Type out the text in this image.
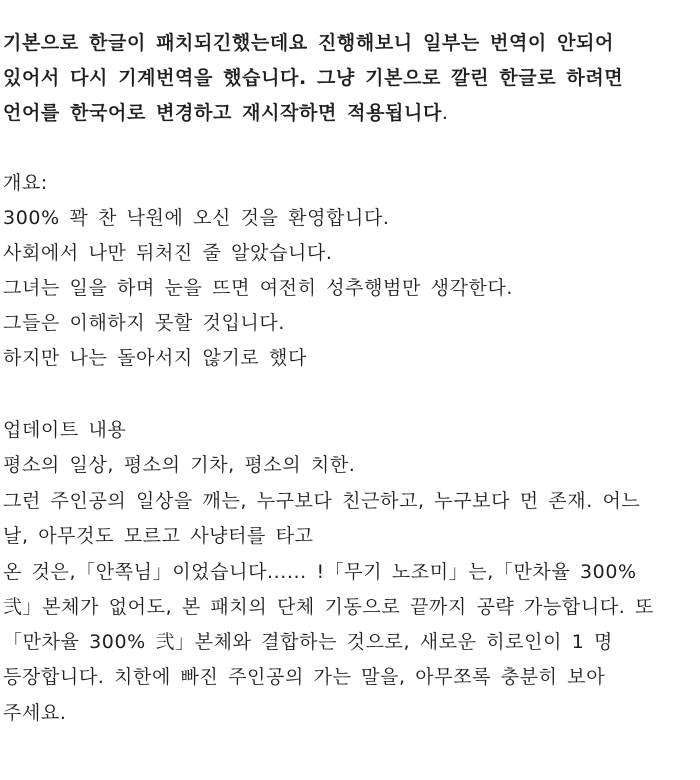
기본으로 한글이 패치되긴했는데요 진행해보니 일부는 번역이 안되어
있어서 다시 기계번역을 했습니다. 그냥 기본으로 깔린 한글로 하려면
언어를 한국어로 변경하고 재시작하면 적용됩니다.
개요:
300% 꽉 찬 낙원에 오신 것을 환영합니다.
사회에서 나만 뒤처진 줄 알았습니다.
그녀는 일을 하며 눈을 뜨면 여전히 성추행범만 생각한다.
그들은 이해하지 못할 것입니다.
하지만 나는 돌아서지 않기로 했다
업데이트 내용
평소의 일상, 평소의 기차, 평소의 치한.
그런 주인공의 일상을 깨는, 누구보다 친근하고, 누구보다 먼 존재. 어느
날, 아무것도 모르고 사냥터를 타고
온 것은,「안쪽님」이었습니다...... !「무기 노조미」는,「만차율 300%
弐」본체가 없어도, 본 패치의 단체 기동으로 끝까지 공략 가능합니다. 또
「만차율 300% 弐」본체와 결합하는 것으로, 새로운 히로인이 1 명
등장합니다. 치한에 빠진 주인공의 가는 말을, 아무쪼록 충분히 보아
주세요.
